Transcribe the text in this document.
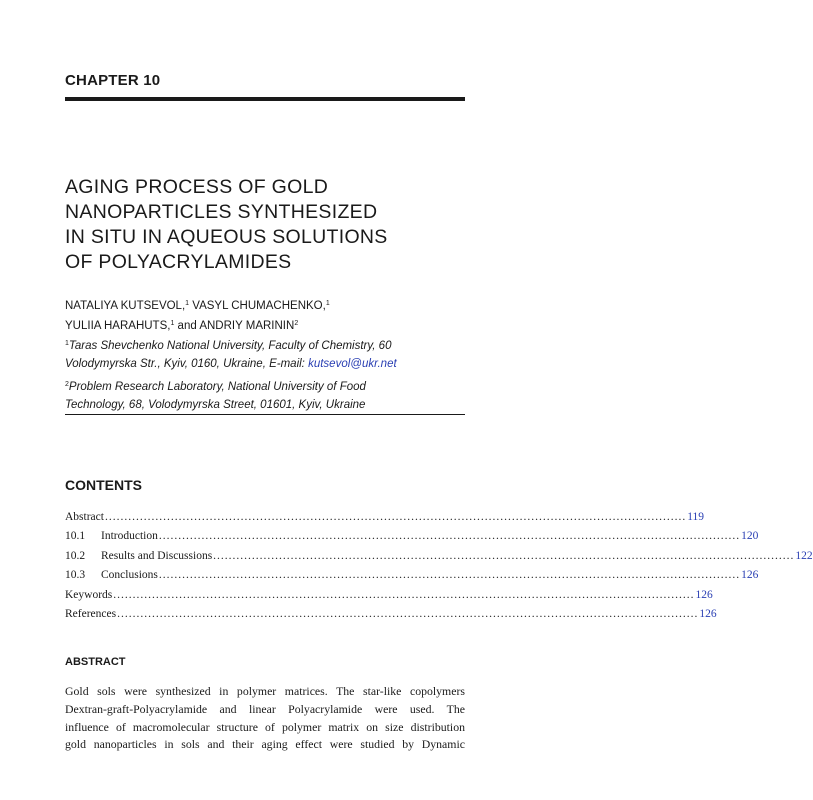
CHAPTER 10
AGING PROCESS OF GOLD
NANOPARTICLES SYNTHESIZED
IN SITU IN AQUEOUS SOLUTIONS
OF POLYACRYLAMIDES
NATALIYA KUTSEVOL,$^1$ VASYL CHUMACHENKO,$^1$
YULIIA HARAHUTS,$^1$ and ANDRIY MARININ$^2$
$^1$Taras Shevchenko National University, Faculty of Chemistry, 60
Volodymyrska Str., Kyiv, 0160, Ukraine, E-mail: kutsevol@ukr.net
$^2$Problem Research Laboratory, National University of Food
Technology, 68, Volodymyrska Street, 01601, Kyiv, Ukraine
CONTENTS
Abstract ...................................................................................................................................................... 119
10.1	Introduction ...................................................................................................................................................... 120
10.2	Results and Discussions ...................................................................................................................................................... 122
10.3	Conclusions ...................................................................................................................................................... 126
Keywords ...................................................................................................................................................... 126
References ...................................................................................................................................................... 126
ABSTRACT
Gold sols were synthesized in polymer matrices. The star-like copolymers
Dextran-graft-Polyacrylamide and linear Polyacrylamide were used. The
influence of macromolecular structure of polymer matrix on size distribution
gold nanoparticles in sols and their aging effect were studied by Dynamic
